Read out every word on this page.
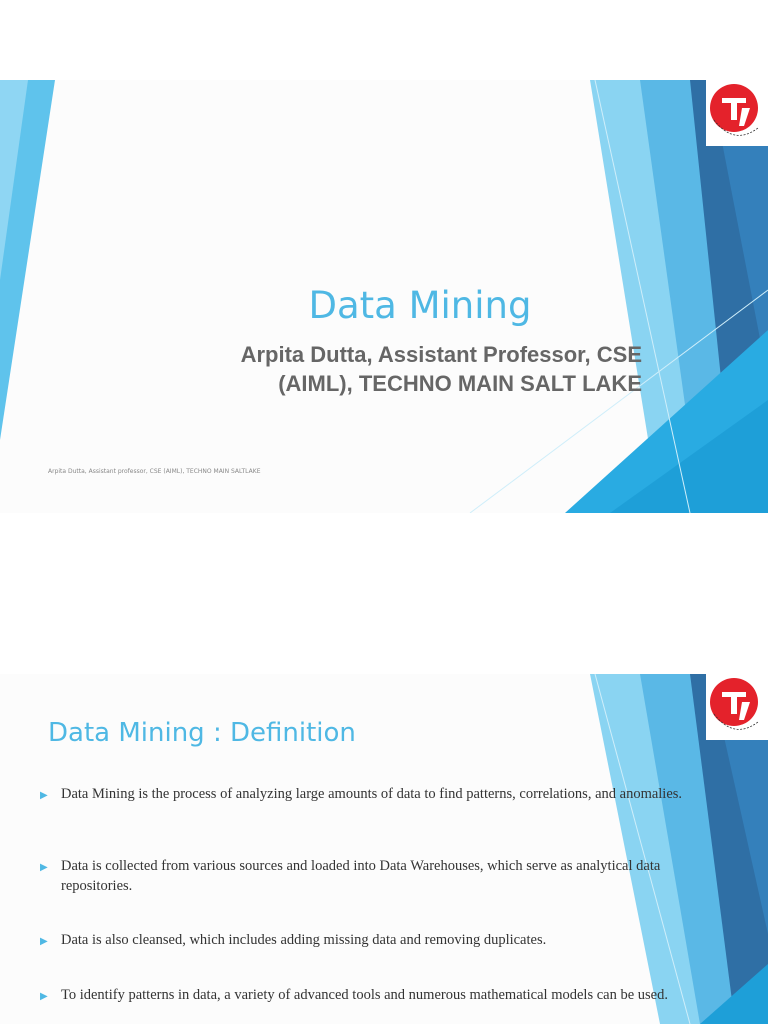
Data Mining
Arpita Dutta, Assistant Professor, CSE
(AIML), TECHNO MAIN SALT LAKE
Arpita Dutta, Assistant professor, CSE (AIML), TECHNO MAIN SALTLAKE
Data Mining : Definition
▶ Data Mining is the process of analyzing large amounts of data to find patterns, correlations, and anomalies.
▶ Data is collected from various sources and loaded into Data Warehouses, which serve as analytical data repositories.
▶ Data is also cleansed, which includes adding missing data and removing duplicates.
▶ To identify patterns in data, a variety of advanced tools and numerous mathematical models can be used.
